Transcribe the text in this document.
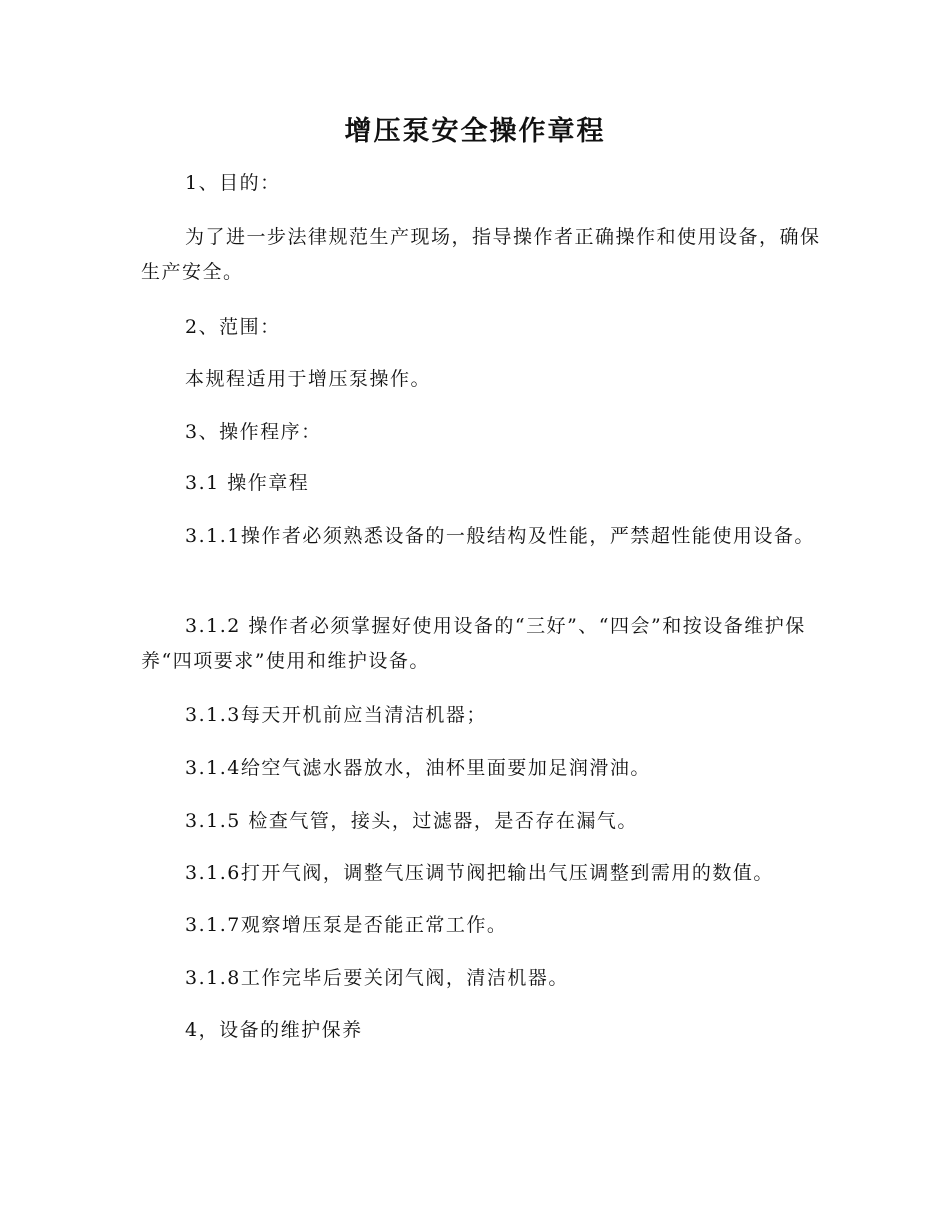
增压泵安全操作章程

1、目的：

为了进一步法律规范生产现场，指导操作者正确操作和使用设备，确保生产安全。

2、范围：

本规程适用于增压泵操作。

3、操作程序：

3.1 操作章程

3.1.1操作者必须熟悉设备的一般结构及性能，严禁超性能使用设备。

3.1.2 操作者必须掌握好使用设备的“三好”、“四会”和按设备维护保养“四项要求”使用和维护设备。

3.1.3每天开机前应当清洁机器；

3.1.4给空气滤水器放水，油杯里面要加足润滑油。

3.1.5 检查气管，接头，过滤器，是否存在漏气。

3.1.6打开气阀，调整气压调节阀把输出气压调整到需用的数值。

3.1.7观察增压泵是否能正常工作。

3.1.8工作完毕后要关闭气阀，清洁机器。

4，设备的维护保养
